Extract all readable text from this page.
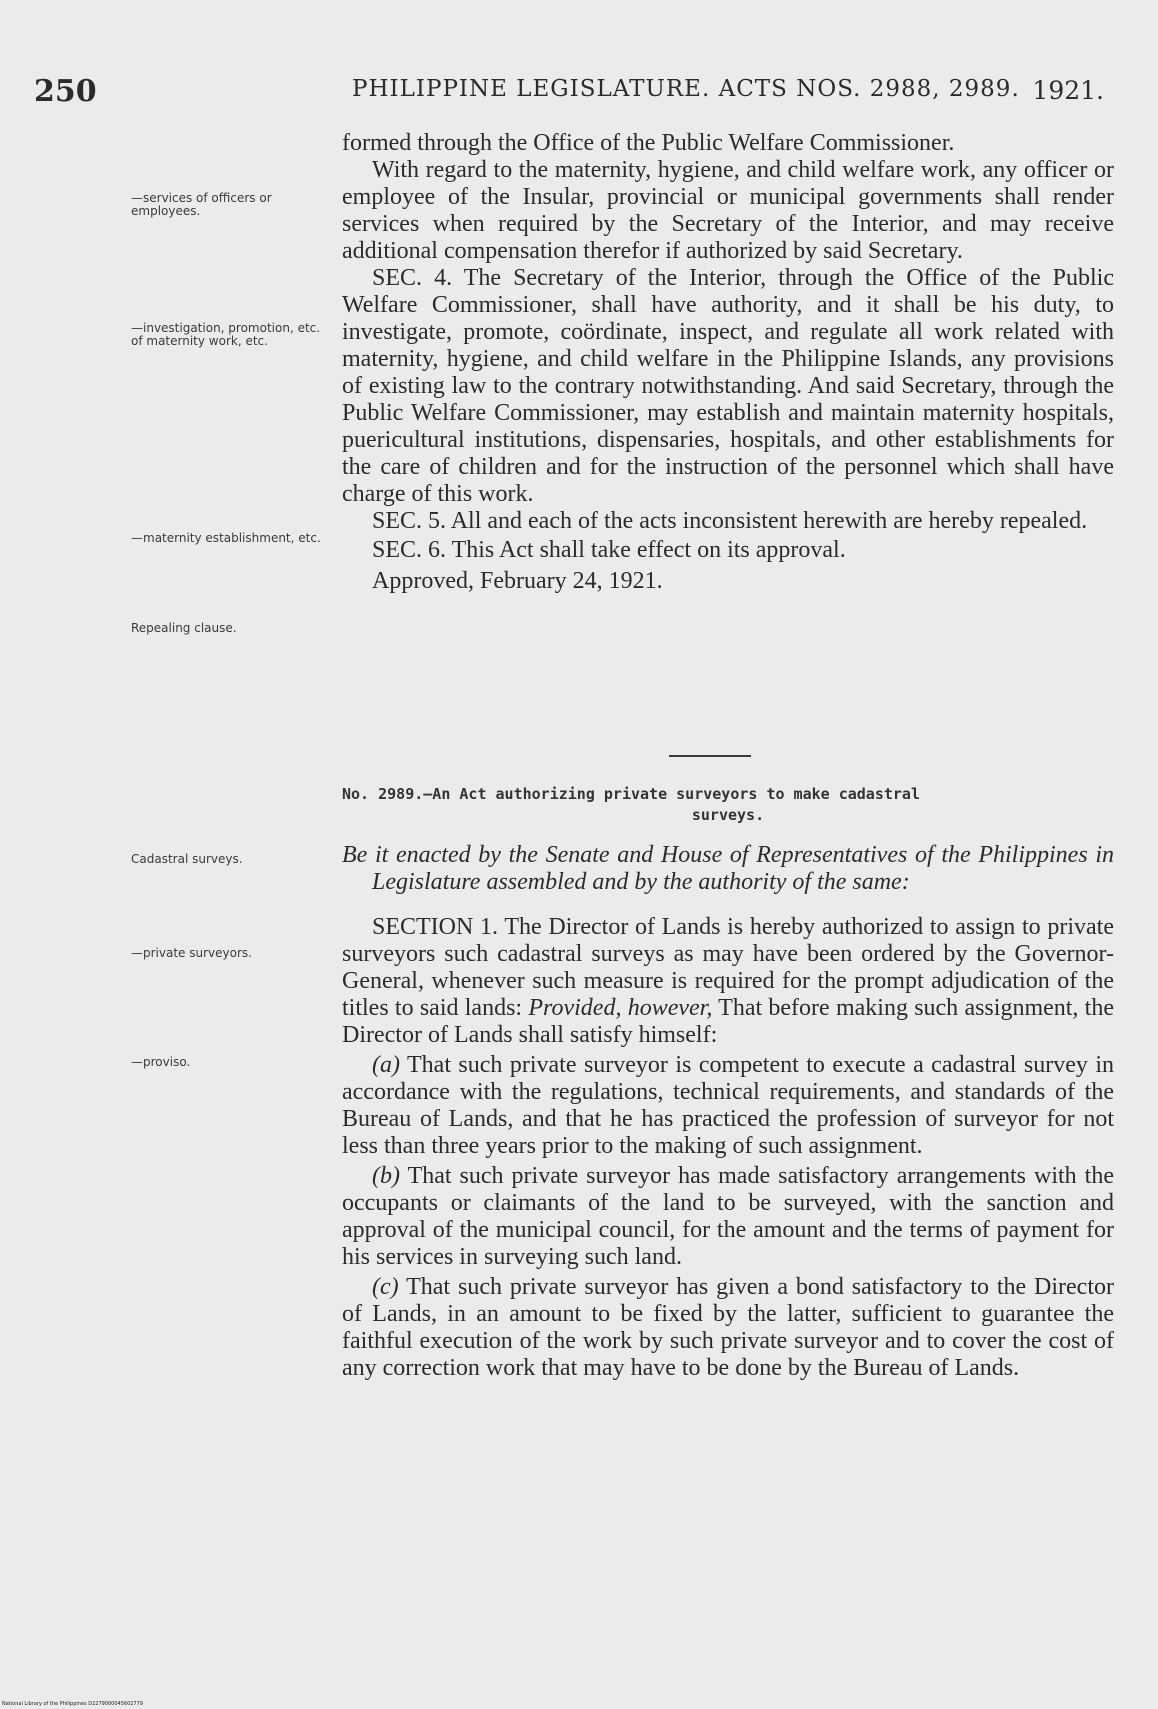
250	PHILIPPINE LEGISLATURE. ACTS NOS. 2988, 2989. 1921.
—services of officers or employees.
—investigation, promotion, etc. of maternity work, etc.
—maternity establishment, etc.
Repealing clause.
Cadastral surveys.
—private surveyors.
—proviso.

formed through the Office of the Public Welfare Commissioner.

With regard to the maternity, hygiene, and child welfare work, any officer or employee of the Insular, provincial or municipal governments shall render services when required by the Secretary of the Interior, and may receive additional compensation therefor if authorized by said Secretary.

SEC. 4. The Secretary of the Interior, through the Office of the Public Welfare Commissioner, shall have authority, and it shall be his duty, to investigate, promote, coördinate, inspect, and regulate all work related with maternity, hygiene, and child welfare in the Philippine Islands, any provisions of existing law to the contrary notwithstanding. And said Secretary, through the Public Welfare Commissioner, may establish and maintain maternity hospitals, puericultural institutions, dispensaries, hospitals, and other establishments for the care of children and for the instruction of the personnel which shall have charge of this work.

SEC. 5. All and each of the acts inconsistent herewith are hereby repealed.

SEC. 6. This Act shall take effect on its approval.

Approved, February 24, 1921.

No. 2989.—An Act authorizing private surveyors to make cadastral
surveys.

Be it enacted by the Senate and House of Representatives of the Philippines in Legislature assembled and by the authority of the same:

SECTION 1. The Director of Lands is hereby authorized to assign to private surveyors such cadastral surveys as may have been ordered by the Governor-General, whenever such measure is required for the prompt adjudication of the titles to said lands: Provided, however, That before making such assignment, the Director of Lands shall satisfy himself:

(a) That such private surveyor is competent to execute a cadastral survey in accordance with the regulations, technical requirements, and standards of the Bureau of Lands, and that he has practiced the profession of surveyor for not less than three years prior to the making of such assignment.

(b) That such private surveyor has made satisfactory arrangements with the occupants or claimants of the land to be surveyed, with the sanction and approval of the municipal council, for the amount and the terms of payment for his services in surveying such land.

(c) That such private surveyor has given a bond satisfactory to the Director of Lands, in an amount to be fixed by the latter, sufficient to guarantee the faithful execution of the work by such private surveyor and to cover the cost of any correction work that may have to be done by the Bureau of Lands.

National Library of the Philippines D2279000045602779
